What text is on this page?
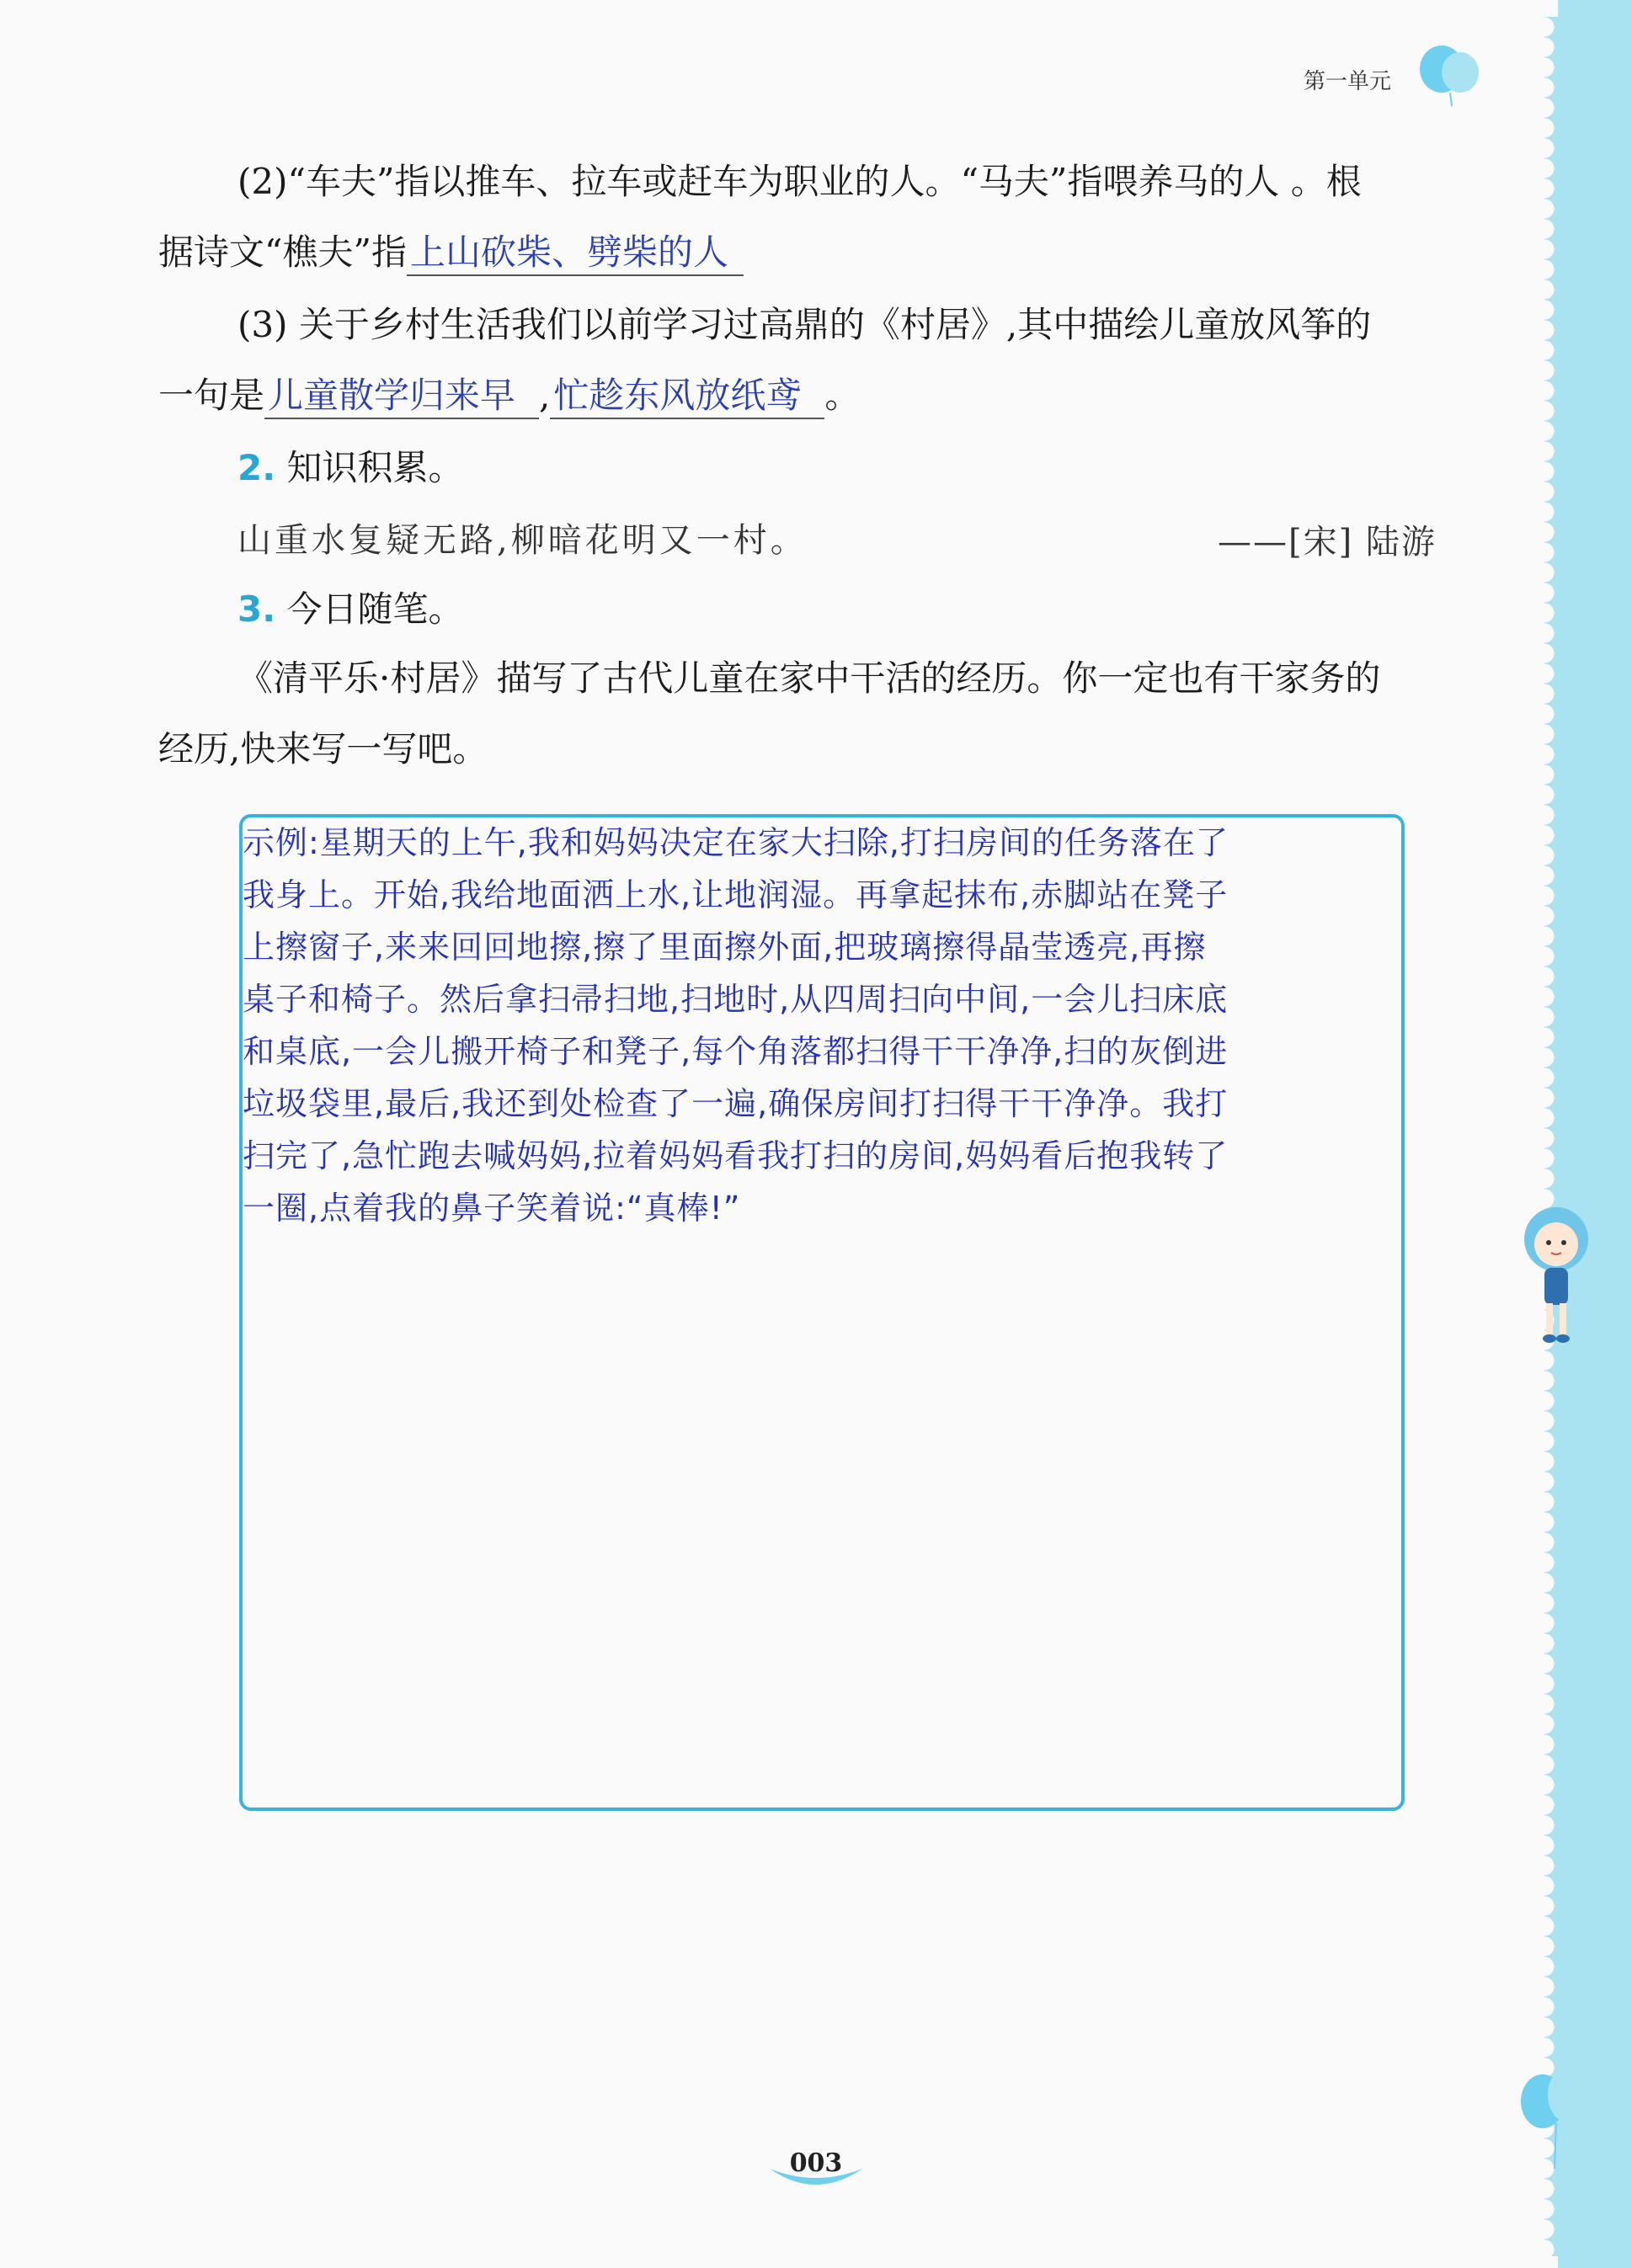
第一单元
(2)“车夫”指以推车、拉车或赶车为职业的人。“马夫”指喂养马的人 。根
据诗文“樵夫”指上山砍柴、劈柴的人
(3) 关于乡村生活我们以前学习过高鼎的《村居》,其中描绘儿童放风筝的
一句是儿童散学归来早 ,忙趁东风放纸鸢 。
2. 知识积累。
山重水复疑无路,柳暗花明又一村。	——[宋] 陆游
3. 今日随笔。
《清平乐·村居》描写了古代儿童在家中干活的经历。你一定也有干家务的
经历,快来写一写吧。

示例:星期天的上午,我和妈妈决定在家大扫除,打扫房间的任务落在了
我身上。开始,我给地面洒上水,让地润湿。再拿起抹布,赤脚站在凳子
上擦窗子,来来回回地擦,擦了里面擦外面,把玻璃擦得晶莹透亮,再擦
桌子和椅子。然后拿扫帚扫地,扫地时,从四周扫向中间,一会儿扫床底
和桌底,一会儿搬开椅子和凳子,每个角落都扫得干干净净,扫的灰倒进
垃圾袋里,最后,我还到处检查了一遍,确保房间打扫得干干净净。我打
扫完了,急忙跑去喊妈妈,拉着妈妈看我打扫的房间,妈妈看后抱我转了
一圈,点着我的鼻子笑着说:“真棒!”

003
